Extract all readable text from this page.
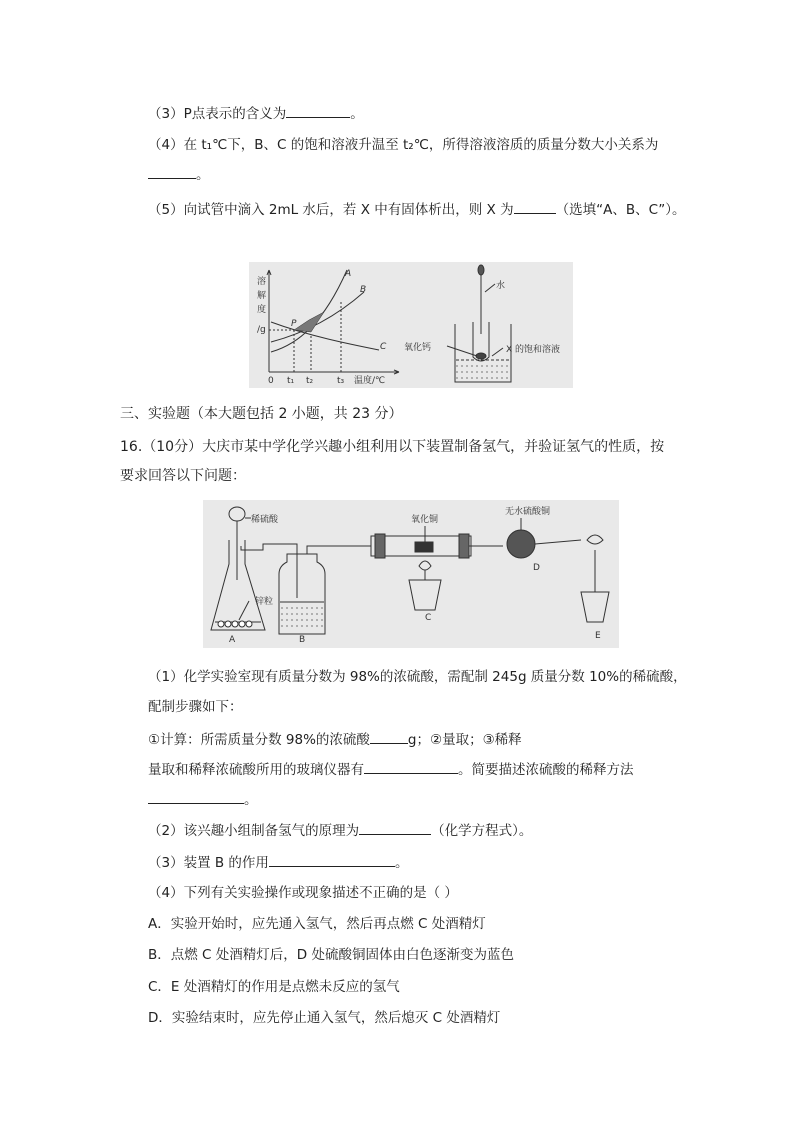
（3）P点表示的含义为	。
（4）在 t₁℃下，B、C 的饱和溶液升温至 t₂℃，所得溶液溶质的质量分数大小关系为
。
（5）向试管中滴入 2mL 水后，若 X 中有固体析出，则 X 为	（选填“A、B、C”）。
溶
解
度
/g
0 t₁ t₂	t₃ 温度/℃
A
B
C
P
水
氧化钙	X 的饱和溶液
三、实验题（本大题包括 2 小题，共 23 分）
16.（10分）大庆市某中学化学兴趣小组利用以下装置制备氢气，并验证氢气的性质，按
要求回答以下问题：
稀硫酸
锌粒
氧化铜
无水硫酸铜
A	B
C
D
E
（1）化学实验室现有质量分数为 98%的浓硫酸，需配制 245g 质量分数 10%的稀硫酸，
配制步骤如下：
①计算：所需质量分数 98%的浓硫酸	g；②量取；③稀释
量取和稀释浓硫酸所用的玻璃仪器有	。简要描述浓硫酸的稀释方法
。
（2）该兴趣小组制备氢气的原理为	（化学方程式）。
（3）装置 B 的作用	。
（4）下列有关实验操作或现象描述不正确的是（ ）
A．实验开始时，应先通入氢气，然后再点燃 C 处酒精灯
B．点燃 C 处酒精灯后，D 处硫酸铜固体由白色逐渐变为蓝色
C．E 处酒精灯的作用是点燃未反应的氢气
D．实验结束时，应先停止通入氢气，然后熄灭 C 处酒精灯
